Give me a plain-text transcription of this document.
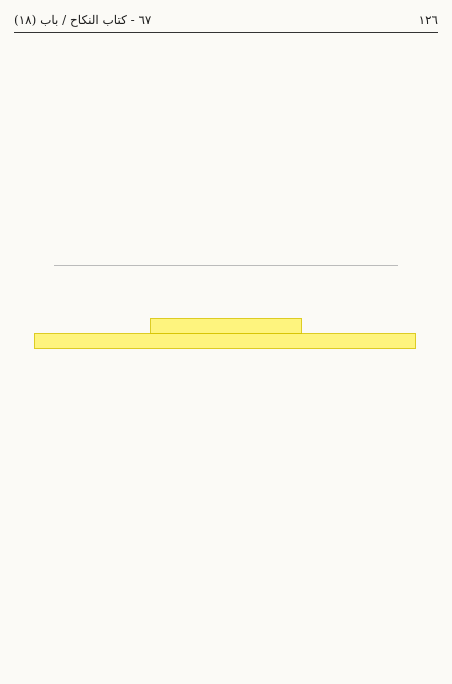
١٢٦
٦٧ - كتاب النكاح / باب (١٨)
